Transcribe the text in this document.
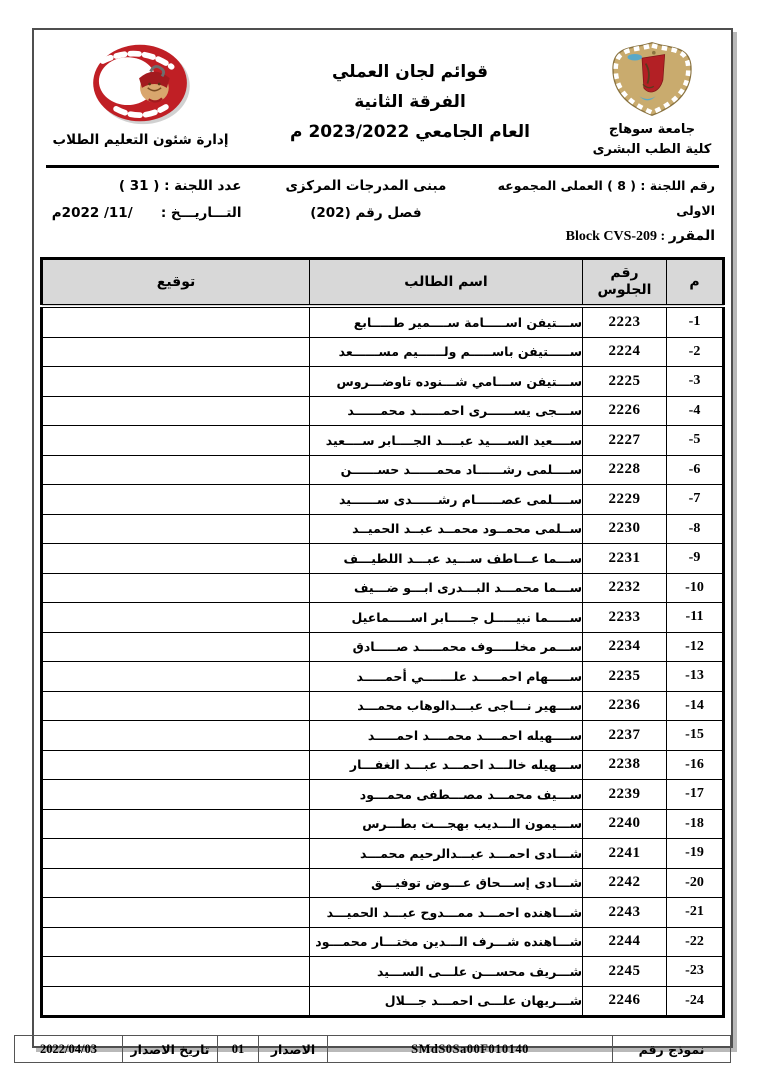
جامعة سوهاج
كلية الطب البشرى
قوائم لجان العملي
الفرقة الثانية
العام الجامعي 2023/2022 م
إدارة شئون التعليم الطلاب
رقم اللجنة : ( 8 ) العملى المجموعه الاولى
المقرر : Block CVS-209
مبنى المدرجات المركزى
فصل رقم (202)
عدد اللجنة : ( 31 )
التـــاريـــخ :      /11/ 2022م
م	رقم الجلوس	اسم الطالب	توقيع
1-	2223	ســـتيفن اســـــامة ســــمير طـــــابع	
2-	2224	ســـــتيفن باســـــم ولــــــيم مســــــعد	
3-	2225	ســـتيفن ســـامي شـــنوده تاوضـــروس	
4-	2226	ســـجى يســــــرى احمــــــد محمــــــد	
5-	2227	ســــعيد الســــيد عبــــد الجــــابر ســــعيد	
6-	2228	ســــلمى رشــــــاد محمــــــد حســــــن	
7-	2229	ســــلمى عصــــــام رشــــــدى ســــــيد	
8-	2230	ســلمى محمــود محمــد عبــد الحميــد	
9-	2231	ســـما عـــاطف ســـيد عبـــد اللطيـــف	
10-	2232	ســـما محمـــد البـــدرى ابـــو ضـــيف	
11-	2233	ســـــما نبيـــــل جـــــابر اســـــماعيل	
12-	2234	ســـمر مخلـــــوف محمـــــد صـــــادق	
13-	2235	ســـــهام احمـــــد علـــــــي أحمـــــد	
14-	2236	ســـهير نـــاجى عبـــدالوهاب محمـــد	
15-	2237	ســــهيله احمــــد محمــــد احمـــــد	
16-	2238	ســـهيله خالـــد احمـــد عبـــد الغفـــار	
17-	2239	ســـيف محمـــد مصـــطفى محمـــود	
18-	2240	ســـيمون الـــديب بهجـــت بطـــرس	
19-	2241	شـــادى احمـــد عبـــدالرحيم محمـــد	
20-	2242	شـــادى إســـحاق عـــوض توفيـــق	
21-	2243	شـــاهنده احمـــد ممـــدوح عبـــد الحميـــد	
22-	2244	شـــاهنده شـــرف الـــدين مختـــار محمـــود	
23-	2245	شـــريف محســـن علـــى الســـيد	
24-	2246	شـــريهان علـــى احمـــد جـــلال	
نموذج رقم	SMdS0Sa00F010140	الاصدار	01	تاريخ الاصدار	2022/04/03
